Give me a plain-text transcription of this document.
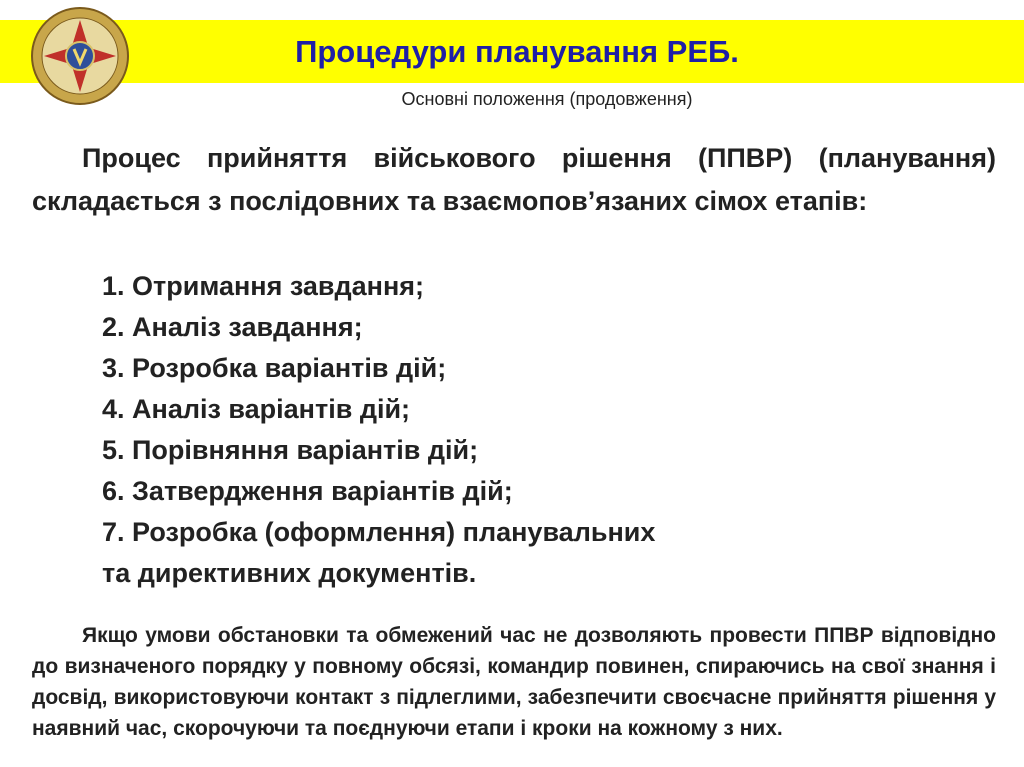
Процедури планування РЕБ.
Основні положення (продовження)
Процес прийняття військового рішення (ППВР) (планування) складається з послідовних та взаємопов’язаних сімох етапів:
1. Отримання завдання;
2. Аналіз завдання;
3. Розробка варіантів дій;
4. Аналіз варіантів дій;
5. Порівняння варіантів дій;
6. Затвердження варіантів дій;
7. Розробка (оформлення) планувальних
та директивних документів.
Якщо умови обстановки та обмежений час не дозволяють провести ППВР відповідно до визначеного порядку у повному обсязі, командир повинен, спираючись на свої знання і досвід, використовуючи контакт з підлеглими, забезпечити своєчасне прийняття рішення у наявний час, скорочуючи та поєднуючи етапи і кроки на кожному з них.
